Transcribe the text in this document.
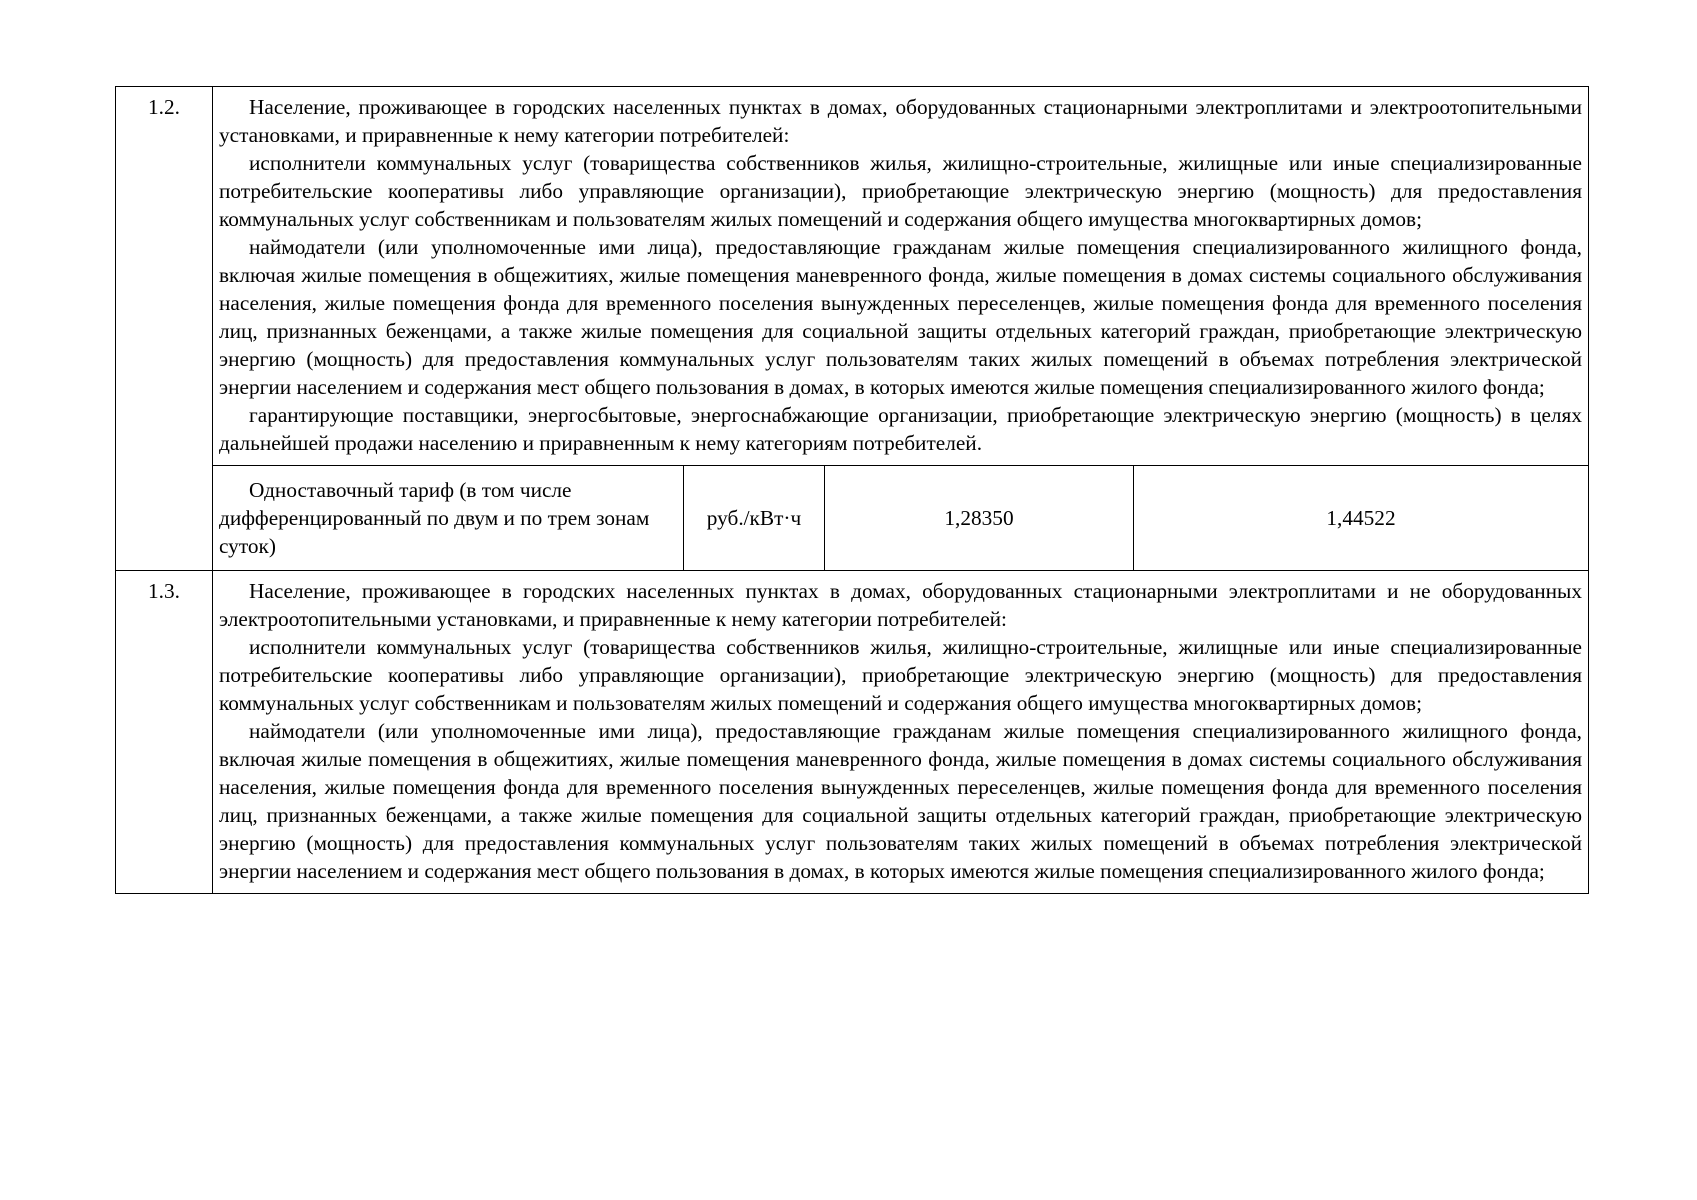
1.2.	Население, проживающее в городских населенных пунктах в домах, оборудованных стационарными электроплитами и электроотопительными установками, и приравненные к нему категории потребителей:

исполнители коммунальных услуг (товарищества собственников жилья, жилищно-строительные, жилищные или иные специализированные потребительские кооперативы либо управляющие организации), приобретающие электрическую энергию (мощность) для предоставления коммунальных услуг собственникам и пользователям жилых помещений и содержания общего имущества многоквартирных домов;

наймодатели (или уполномоченные ими лица), предоставляющие гражданам жилые помещения специализированного жилищного фонда, включая жилые помещения в общежитиях, жилые помещения маневренного фонда, жилые помещения в домах системы социального обслуживания населения, жилые помещения фонда для временного поселения вынужденных переселенцев, жилые помещения фонда для временного поселения лиц, признанных беженцами, а также жилые помещения для социальной защиты отдельных категорий граждан, приобретающие электрическую энергию (мощность) для предоставления коммунальных услуг пользователям таких жилых помещений в объемах потребления электрической энергии населением и содержания мест общего пользования в домах, в которых имеются жилые помещения специализированного жилого фонда;

гарантирующие поставщики, энергосбытовые, энергоснабжающие организации, приобретающие электрическую энергию (мощность) в целях дальнейшей продажи населению и приравненным к нему категориям потребителей.			

	Одноставочный тариф (в том числе дифференцированный по двум и по трем зонам суток)	руб./кВт·ч	1,28350	1,44522
1.3.	Население, проживающее в городских населенных пунктах в домах, оборудованных стационарными электроплитами и не оборудованных электроотопительными установками, и приравненные к нему категории потребителей:

исполнители коммунальных услуг (товарищества собственников жилья, жилищно-строительные, жилищные или иные специализированные потребительские кооперативы либо управляющие организации), приобретающие электрическую энергию (мощность) для предоставления коммунальных услуг собственникам и пользователям жилых помещений и содержания общего имущества многоквартирных домов;

наймодатели (или уполномоченные ими лица), предоставляющие гражданам жилые помещения специализированного жилищного фонда, включая жилые помещения в общежитиях, жилые помещения маневренного фонда, жилые помещения в домах системы социального обслуживания населения, жилые помещения фонда для временного поселения вынужденных переселенцев, жилые помещения фонда для временного поселения лиц, признанных беженцами, а также жилые помещения для социальной защиты отдельных категорий граждан, приобретающие электрическую энергию (мощность) для предоставления коммунальных услуг пользователям таких жилых помещений в объемах потребления электрической энергии населением и содержания мест общего пользования в домах, в которых имеются жилые помещения специализированного жилого фонда;			
